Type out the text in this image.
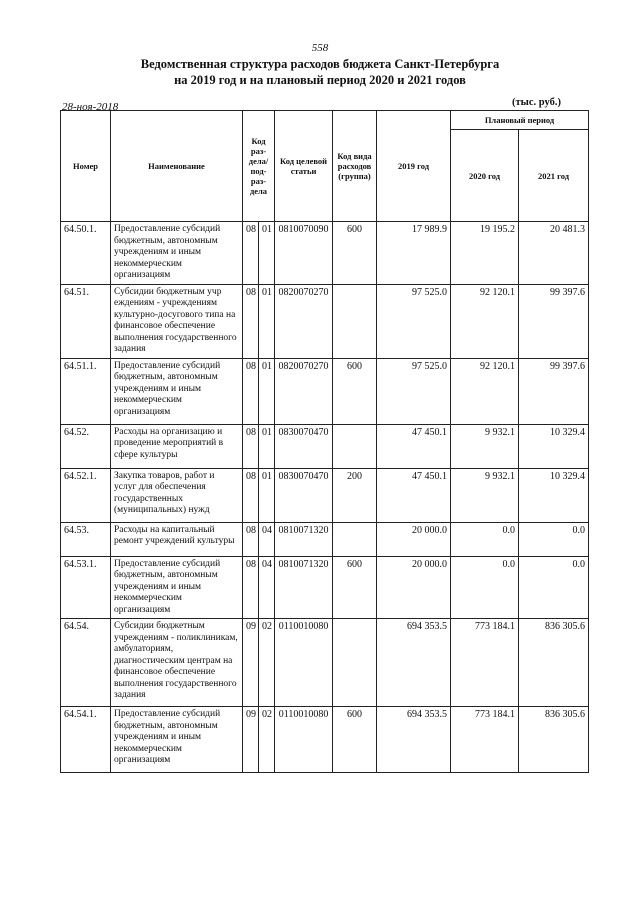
558
Ведомственная структура расходов бюджета Санкт-Петербурга
на 2019 год и на плановый период 2020 и 2021 годов
28-ноя-2018	(тыс. руб.)
Номер	Наименование	Код раз- дела/ под- раз- дела		Код целевой статьи	Код вида расходов (группа)	2019 год	Плановый период	
							2020 год	2021 год
64.50.1.	Предоставление субсидий бюджетным, автономным учреждениям и иным некоммерческим организациям	08	01	0810070090	600	17 989.9	19 195.2	20 481.3
64.51.	Субсидии бюджетным учр еждениям - учреждениям культурно-досугового типа на финансовое обеспечение выполнения государственного задания	08	01	0820070270		97 525.0	92 120.1	99 397.6
64.51.1.	Предоставление субсидий бюджетным, автономным учреждениям и иным некоммерческим организациям	08	01	0820070270	600	97 525.0	92 120.1	99 397.6
64.52.	Расходы на организацию и проведение мероприятий в сфере культуры	08	01	0830070470		47 450.1	9 932.1	10 329.4
64.52.1.	Закупка товаров, работ и услуг для обеспечения государственных (муниципальных) нужд	08	01	0830070470	200	47 450.1	9 932.1	10 329.4
64.53.	Расходы на капитальный ремонт учреждений культуры	08	04	0810071320		20 000.0	0.0	0.0
64.53.1.	Предоставление субсидий бюджетным, автономным учреждениям и иным некоммерческим организациям	08	04	0810071320	600	20 000.0	0.0	0.0
64.54.	Субсидии бюджетным учреждениям - поликлиникам, амбулаториям, диагностическим центрам на финансовое обеспечение выполнения государственного задания	09	02	0110010080		694 353.5	773 184.1	836 305.6
64.54.1.	Предоставление субсидий бюджетным, автономным учреждениям и иным некоммерческим организациям	09	02	0110010080	600	694 353.5	773 184.1	836 305.6
